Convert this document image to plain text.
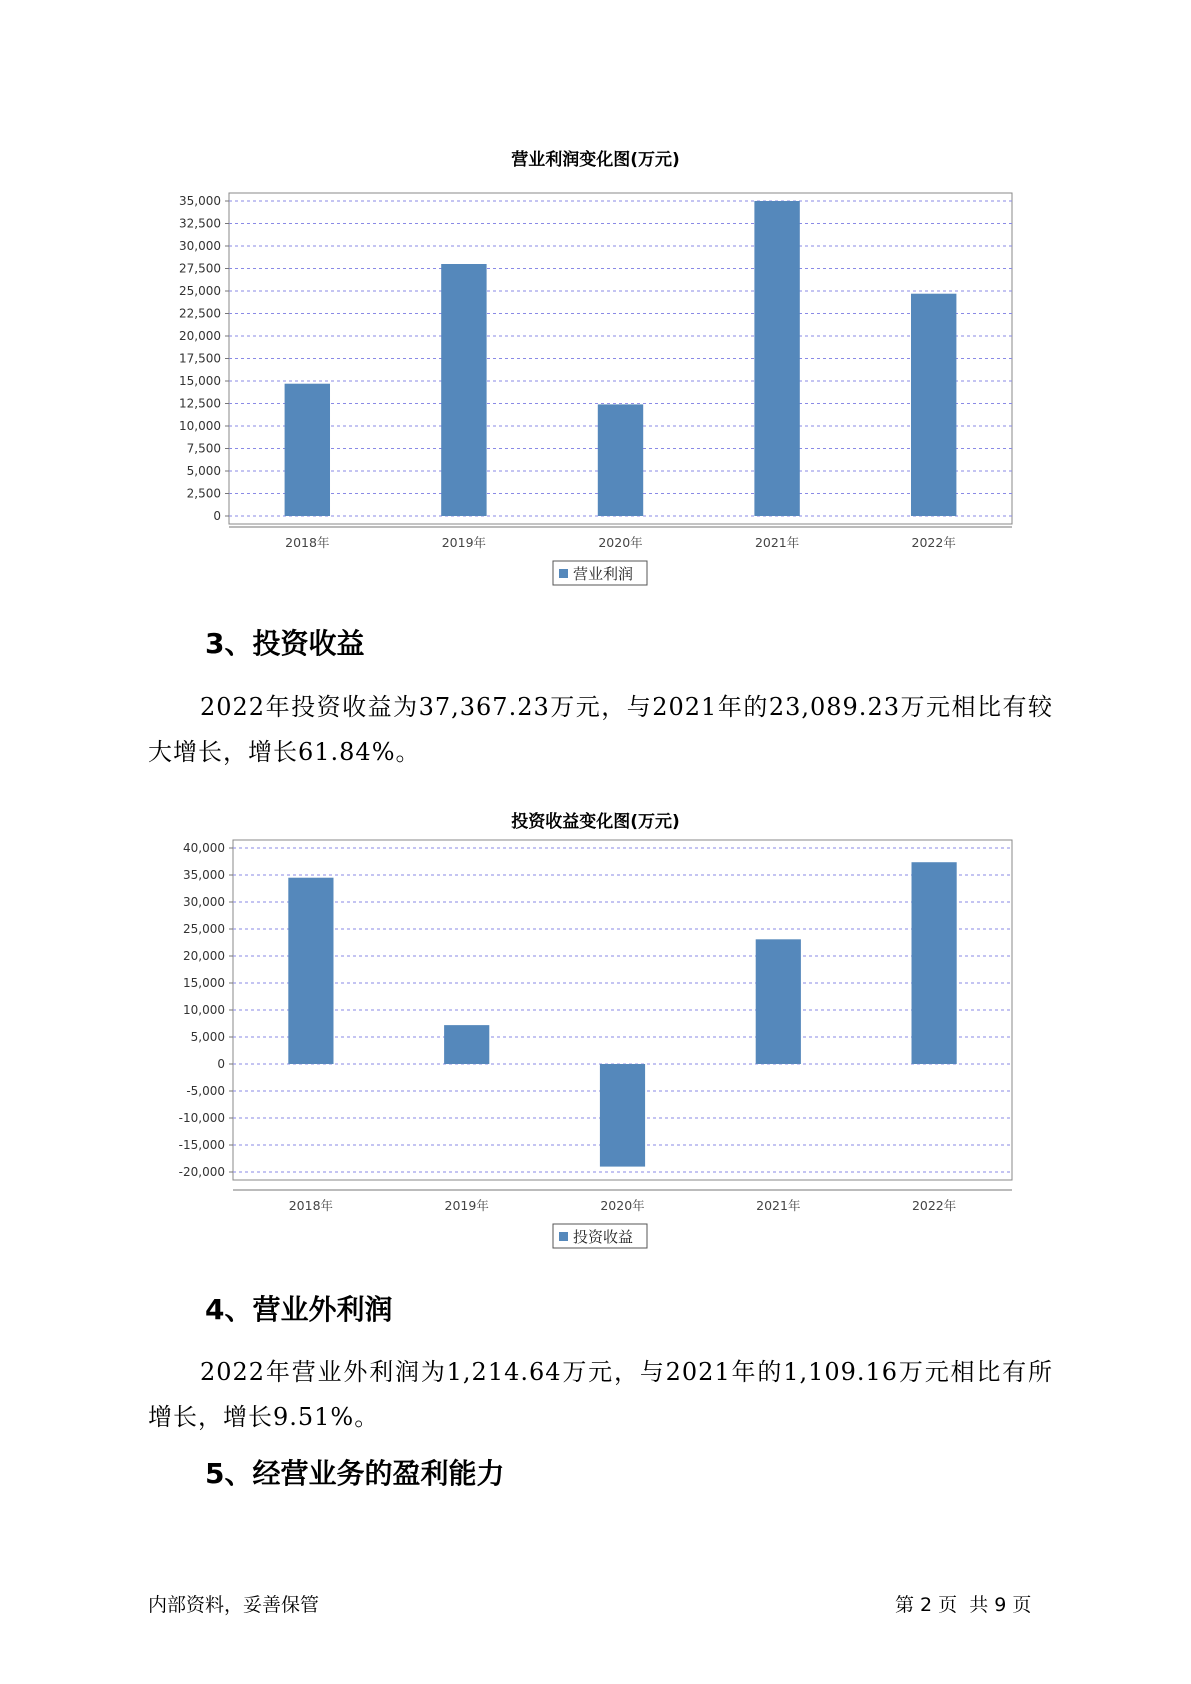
营业利润变化图(万元)
0
2,500
5,000
7,500
10,000
12,500
15,000
17,500
20,000
22,500
25,000
27,500
30,000
32,500
35,000
2018年	2019年	2020年	2021年	2022年
营业利润
3、投资收益
2022年投资收益为37,367.23万元，与2021年的23,089.23万元相比有较大增长，增长61.84%。
投资收益变化图(万元)
-20,000
-15,000
-10,000
-5,000
0
5,000
10,000
15,000
20,000
25,000
30,000
35,000
40,000
2018年	2019年	2020年	2021年	2022年
投资收益
4、营业外利润
2022年营业外利润为1,214.64万元，与2021年的1,109.16万元相比有所增长，增长9.51%。
5、经营业务的盈利能力
内部资料，妥善保管	第 2 页  共 9 页
